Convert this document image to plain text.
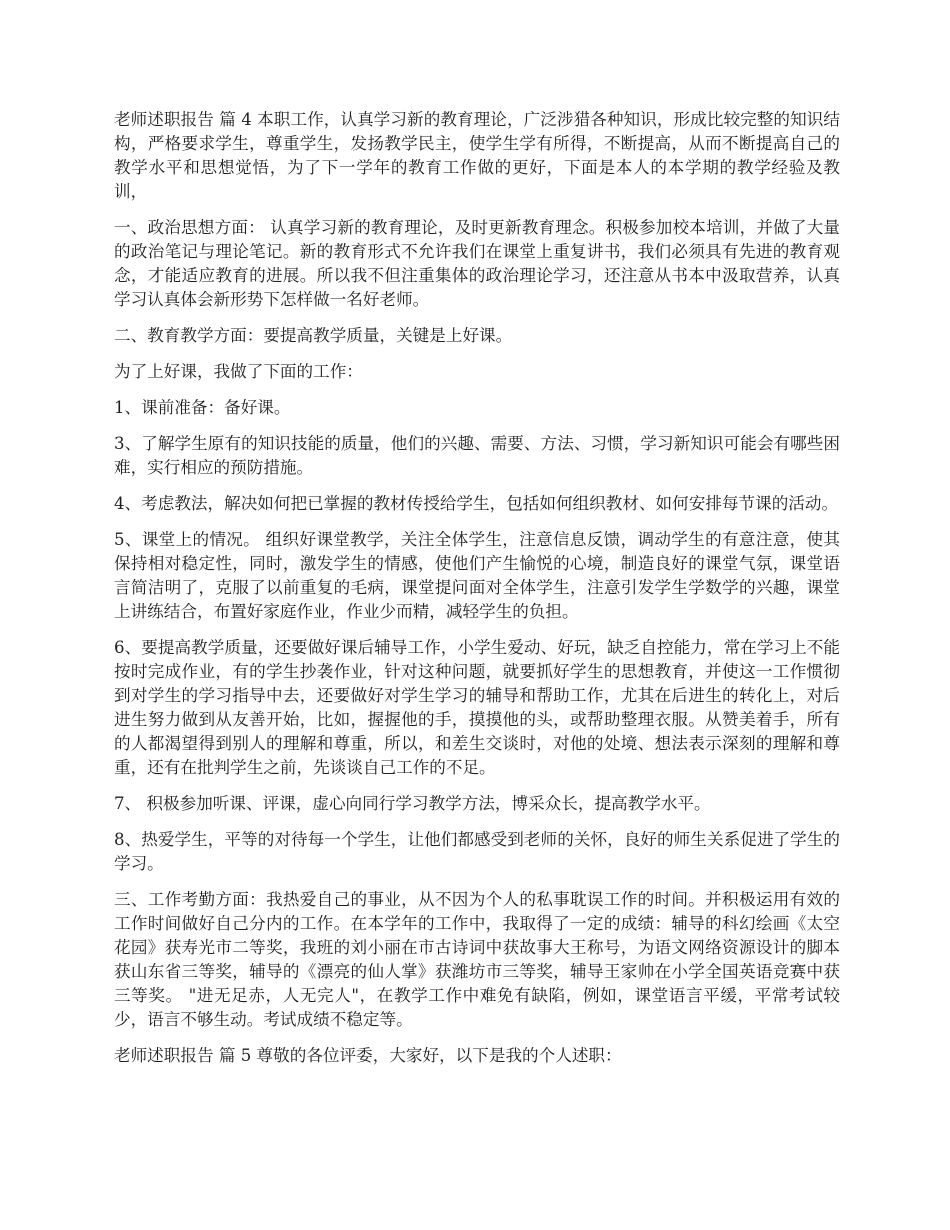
老师述职报告 篇 4 本职工作，认真学习新的教育理论，广泛涉猎各种知识，形成比较完整的知识结构，严格要求学生，尊重学生，发扬教学民主，使学生学有所得，不断提高，从而不断提高自己的教学水平和思想觉悟，为了下一学年的教育工作做的更好，下面是本人的本学期的教学经验及教训，

一、政治思想方面： 认真学习新的教育理论，及时更新教育理念。积极参加校本培训，并做了大量的政治笔记与理论笔记。新的教育形式不允许我们在课堂上重复讲书，我们必须具有先进的教育观念，才能适应教育的进展。所以我不但注重集体的政治理论学习，还注意从书本中汲取营养，认真学习认真体会新形势下怎样做一名好老师。

二、教育教学方面：要提高教学质量，关键是上好课。

为了上好课，我做了下面的工作：

1、课前准备：备好课。

3、了解学生原有的知识技能的质量，他们的兴趣、需要、方法、习惯，学习新知识可能会有哪些困难，实行相应的预防措施。

4、考虑教法，解决如何把已掌握的教材传授给学生，包括如何组织教材、如何安排每节课的活动。

5、课堂上的情况。 组织好课堂教学，关注全体学生，注意信息反馈，调动学生的有意注意，使其保持相对稳定性，同时，激发学生的情感，使他们产生愉悦的心境，制造良好的课堂气氛，课堂语言简洁明了，克服了以前重复的毛病，课堂提问面对全体学生，注意引发学生学数学的兴趣，课堂上讲练结合，布置好家庭作业，作业少而精，减轻学生的负担。

6、要提高教学质量，还要做好课后辅导工作，小学生爱动、好玩，缺乏自控能力，常在学习上不能按时完成作业，有的学生抄袭作业，针对这种问题，就要抓好学生的思想教育，并使这一工作惯彻到对学生的学习指导中去，还要做好对学生学习的辅导和帮助工作，尤其在后进生的转化上，对后进生努力做到从友善开始，比如，握握他的手，摸摸他的头，或帮助整理衣服。从赞美着手，所有的人都渴望得到别人的理解和尊重，所以，和差生交谈时，对他的处境、想法表示深刻的理解和尊重，还有在批判学生之前，先谈谈自己工作的不足。

7、 积极参加听课、评课，虚心向同行学习教学方法，博采众长，提高教学水平。

8、热爱学生，平等的对待每一个学生，让他们都感受到老师的关怀，良好的师生关系促进了学生的学习。

三、工作考勤方面：我热爱自己的事业，从不因为个人的私事耽误工作的时间。并积极运用有效的工作时间做好自己分内的工作。在本学年的工作中，我取得了一定的成绩：辅导的科幻绘画《太空花园》获寿光市二等奖，我班的刘小丽在市古诗词中获故事大王称号，为语文网络资源设计的脚本获山东省三等奖，辅导的《漂亮的仙人掌》获潍坊市三等奖，辅导王家帅在小学全国英语竞赛中获三等奖。 "进无足赤，人无完人"，在教学工作中难免有缺陷，例如，课堂语言平缓，平常考试较少，语言不够生动。考试成绩不稳定等。

老师述职报告 篇 5 尊敬的各位评委，大家好，以下是我的个人述职：
